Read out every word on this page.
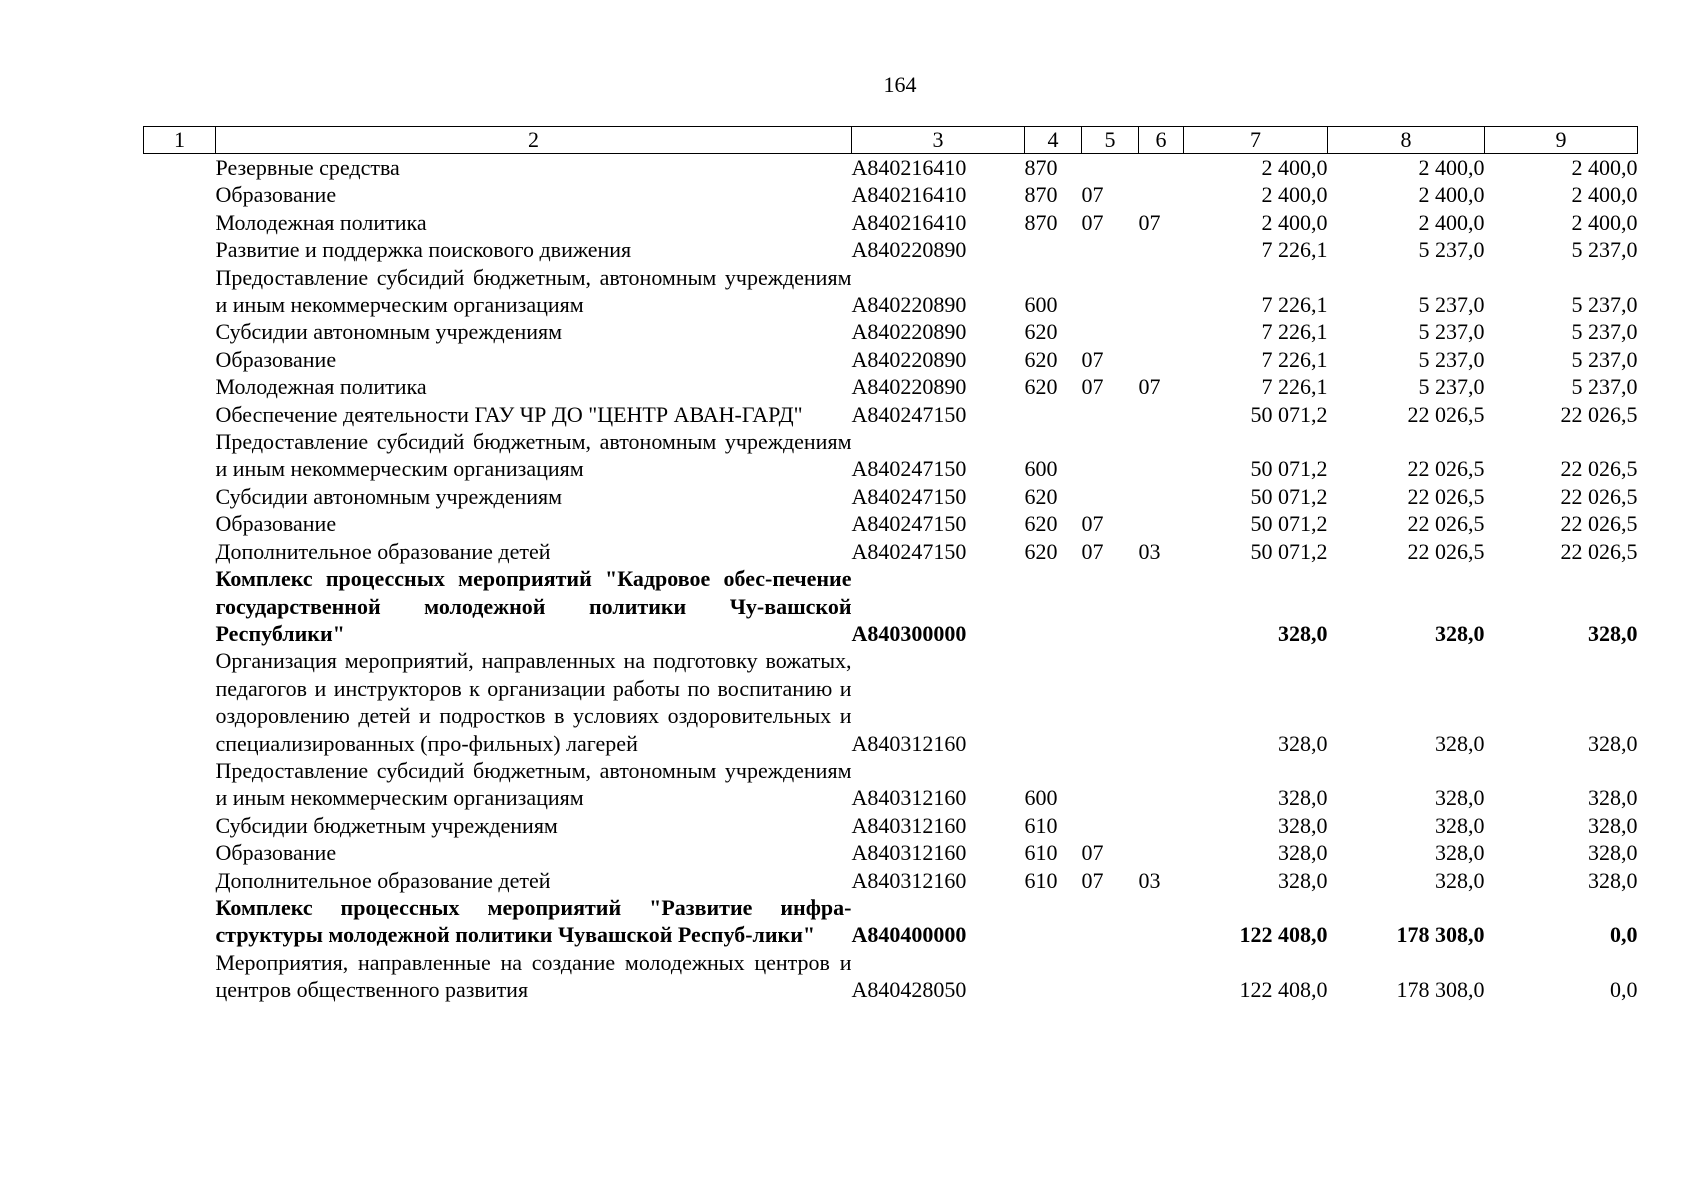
164
1	2	3	4	5	6	7	8	9
	Резервные средства	А840216410	870			2 400,0	2 400,0	2 400,0
	Образование	А840216410	870	07		2 400,0	2 400,0	2 400,0
	Молодежная политика	А840216410	870	07	07	2 400,0	2 400,0	2 400,0
	Развитие и поддержка поискового движения	А840220890				7 226,1	5 237,0	5 237,0
	Предоставление субсидий бюджетным, автономным учреждениям и иным некоммерческим организациям	А840220890	600			7 226,1	5 237,0	5 237,0
	Субсидии автономным учреждениям	А840220890	620			7 226,1	5 237,0	5 237,0
	Образование	А840220890	620	07		7 226,1	5 237,0	5 237,0
	Молодежная политика	А840220890	620	07	07	7 226,1	5 237,0	5 237,0
	Обеспечение деятельности ГАУ ЧР ДО "ЦЕНТР АВАН-ГАРД"	А840247150				50 071,2	22 026,5	22 026,5
	Предоставление субсидий бюджетным, автономным учреждениям и иным некоммерческим организациям	А840247150	600			50 071,2	22 026,5	22 026,5
	Субсидии автономным учреждениям	А840247150	620			50 071,2	22 026,5	22 026,5
	Образование	А840247150	620	07		50 071,2	22 026,5	22 026,5
	Дополнительное образование детей	А840247150	620	07	03	50 071,2	22 026,5	22 026,5
	Комплекс процессных мероприятий "Кадровое обес-печение государственной молодежной политики Чу-вашской Республики"	А840300000				328,0	328,0	328,0
	Организация мероприятий, направленных на подготовку вожатых, педагогов и инструкторов к организации работы по воспитанию и оздоровлению детей и подростков в условиях оздоровительных и специализированных (про-фильных) лагерей	А840312160				328,0	328,0	328,0
	Предоставление субсидий бюджетным, автономным учреждениям и иным некоммерческим организациям	А840312160	600			328,0	328,0	328,0
	Субсидии бюджетным учреждениям	А840312160	610			328,0	328,0	328,0
	Образование	А840312160	610	07		328,0	328,0	328,0
	Дополнительное образование детей	А840312160	610	07	03	328,0	328,0	328,0
	Комплекс процессных мероприятий "Развитие инфра-структуры молодежной политики Чувашской Респуб-лики"	А840400000				122 408,0	178 308,0	0,0
	Мероприятия, направленные на создание молодежных центров и центров общественного развития	А840428050				122 408,0	178 308,0	0,0
